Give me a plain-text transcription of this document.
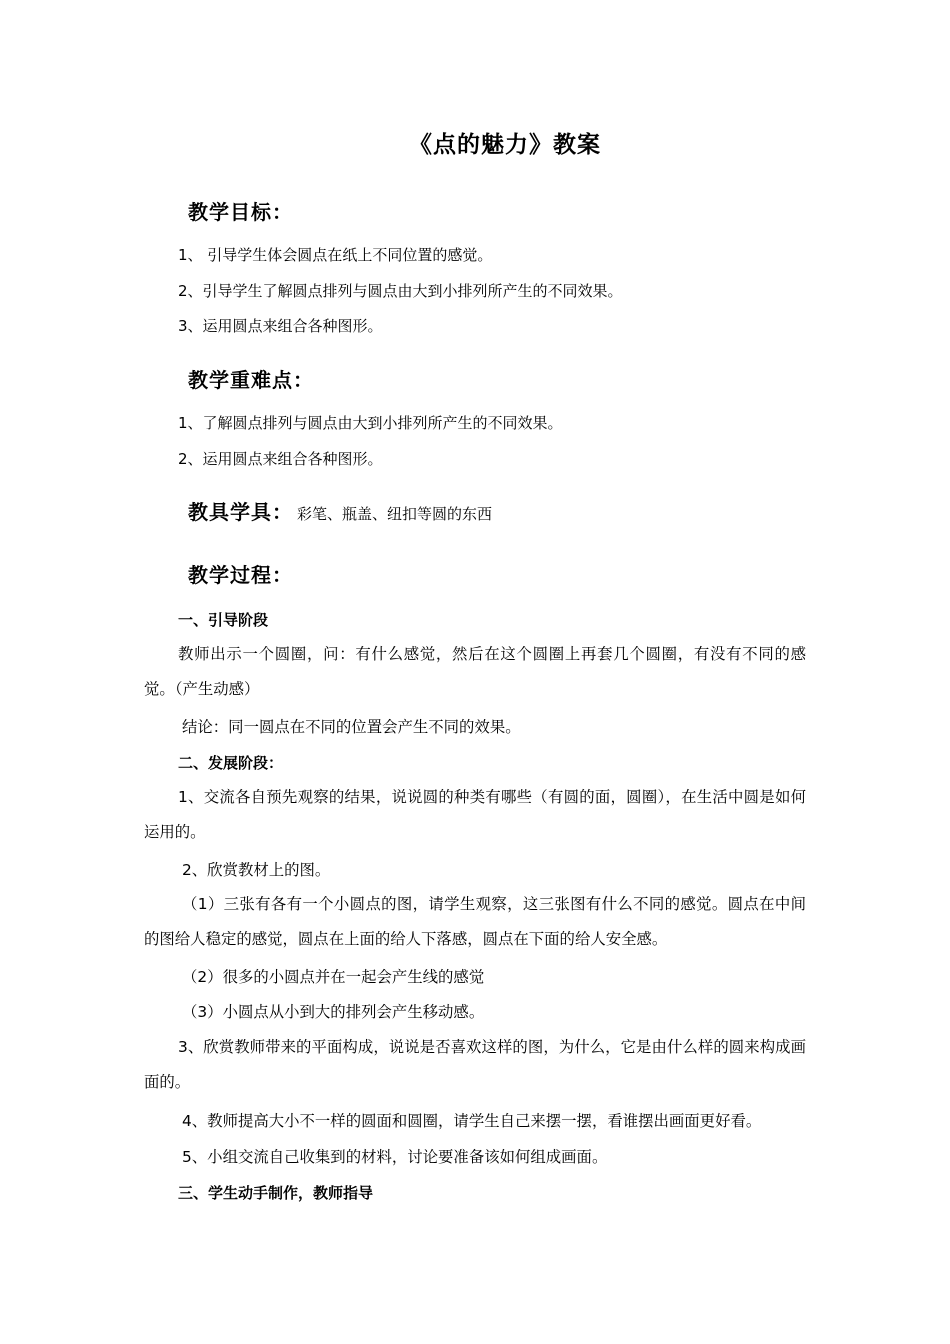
《点的魅力》教案
教学目标：
1、 引导学生体会圆点在纸上不同位置的感觉。
2、引导学生了解圆点排列与圆点由大到小排列所产生的不同效果。
3、运用圆点来组合各种图形。
教学重难点：
1、了解圆点排列与圆点由大到小排列所产生的不同效果。
2、运用圆点来组合各种图形。
教具学具： 彩笔、瓶盖、纽扣等圆的东西
教学过程：
一、引导阶段

教师出示一个圆圈，问：有什么感觉，然后在这个圆圈上再套几个圆圈，有没有不同的感觉。（产生动感）

结论：同一圆点在不同的位置会产生不同的效果。
二、发展阶段：

1、交流各自预先观察的结果，说说圆的种类有哪些（有圆的面，圆圈），在生活中圆是如何运用的。

2、欣赏教材上的图。

（1）三张有各有一个小圆点的图，请学生观察，这三张图有什么不同的感觉。圆点在中间的图给人稳定的感觉，圆点在上面的给人下落感，圆点在下面的给人安全感。

（2）很多的小圆点并在一起会产生线的感觉
（3）小圆点从小到大的排列会产生移动感。

3、欣赏教师带来的平面构成，说说是否喜欢这样的图，为什么，它是由什么样的圆来构成画面的。

4、教师提高大小不一样的圆面和圆圈，请学生自己来摆一摆，看谁摆出画面更好看。
5、小组交流自己收集到的材料，讨论要准备该如何组成画面。
三、学生动手制作，教师指导
